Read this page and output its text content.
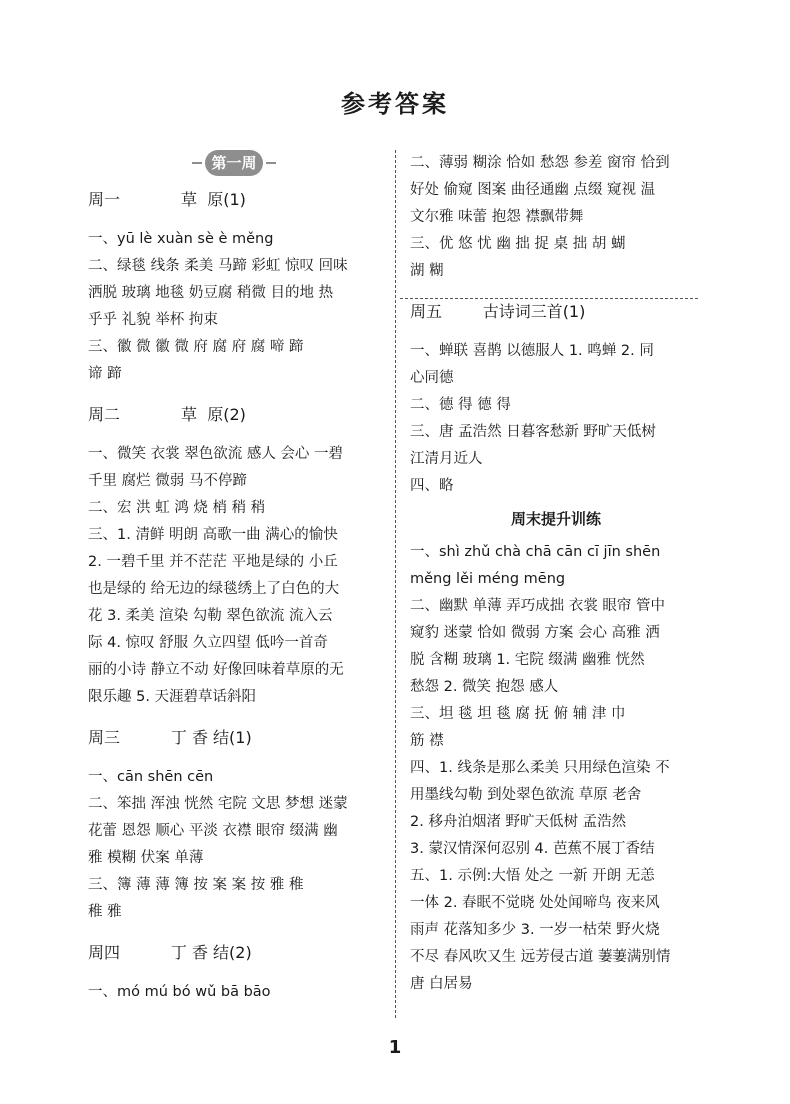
参考答案
第一周
周一            草  原(1)
一、yū lè xuàn sè è měng
二、绿毯 线条 柔美 马蹄 彩虹 惊叹 回味
洒脱 玻璃 地毯 奶豆腐 稍微 目的地 热
乎乎 礼貌 举杯 拘束
三、徽 微 徽 微 府 腐 府 腐 啼 蹄
谛 蹄
周二            草  原(2)
一、微笑 衣裳 翠色欲流 感人 会心 一碧
千里 腐烂 微弱 马不停蹄
二、宏 洪 虹 鸿 烧 梢 稍 稍
三、1. 清鲜 明朗 高歌一曲 满心的愉快
2. 一碧千里 并不茫茫 平地是绿的 小丘
也是绿的 给无边的绿毯绣上了白色的大
花 3. 柔美 渲染 勾勒 翠色欲流 流入云
际 4. 惊叹 舒服 久立四望 低吟一首奇
丽的小诗 静立不动 好像回味着草原的无
限乐趣 5. 天涯碧草话斜阳
周三          丁 香 结(1)
一、cān shēn cēn
二、笨拙 浑浊 恍然 宅院 文思 梦想 迷蒙
花蕾 恩怨 顺心 平淡 衣襟 眼帘 缀满 幽
雅 模糊 伏案 单薄
三、簿 薄 薄 簿 按 案 案 按 雅 稚
稚 雅
周四          丁 香 结(2)
一、mó mú bó wǔ bā bāo
二、薄弱 糊涂 恰如 愁怨 参差 窗帘 恰到
好处 偷窥 图案 曲径通幽 点缀 窥视 温
文尔雅 味蕾 抱怨 襟飘带舞
三、优 悠 忧 幽 拙 捉 桌 拙 胡 蝴
湖 糊
周五        古诗词三首(1)
一、蝉联 喜鹊 以德服人 1. 鸣蝉 2. 同
心同德
二、德 得 德 得
三、唐 孟浩然 日暮客愁新 野旷天低树
江清月近人
四、略
周末提升训练
一、shì zhǔ chà chā cān cī jīn shēn
měng lěi méng mēng
二、幽默 单薄 弄巧成拙 衣裳 眼帘 管中
窥豹 迷蒙 恰如 微弱 方案 会心 高雅 洒
脱 含糊 玻璃 1. 宅院 缀满 幽雅 恍然
愁怨 2. 微笑 抱怨 感人
三、坦 毯 坦 毯 腐 抚 俯 辅 津 巾
筋 襟
四、1. 线条是那么柔美 只用绿色渲染 不
用墨线勾勒 到处翠色欲流 草原 老舍
2. 移舟泊烟渚 野旷天低树 孟浩然
3. 蒙汉情深何忍别 4. 芭蕉不展丁香结
五、1. 示例:大悟 处之 一新 开朗 无恙
一体 2. 春眠不觉晓 处处闻啼鸟 夜来风
雨声 花落知多少 3. 一岁一枯荣 野火烧
不尽 春风吹又生 远芳侵古道 萋萋满别情
唐 白居易
1
